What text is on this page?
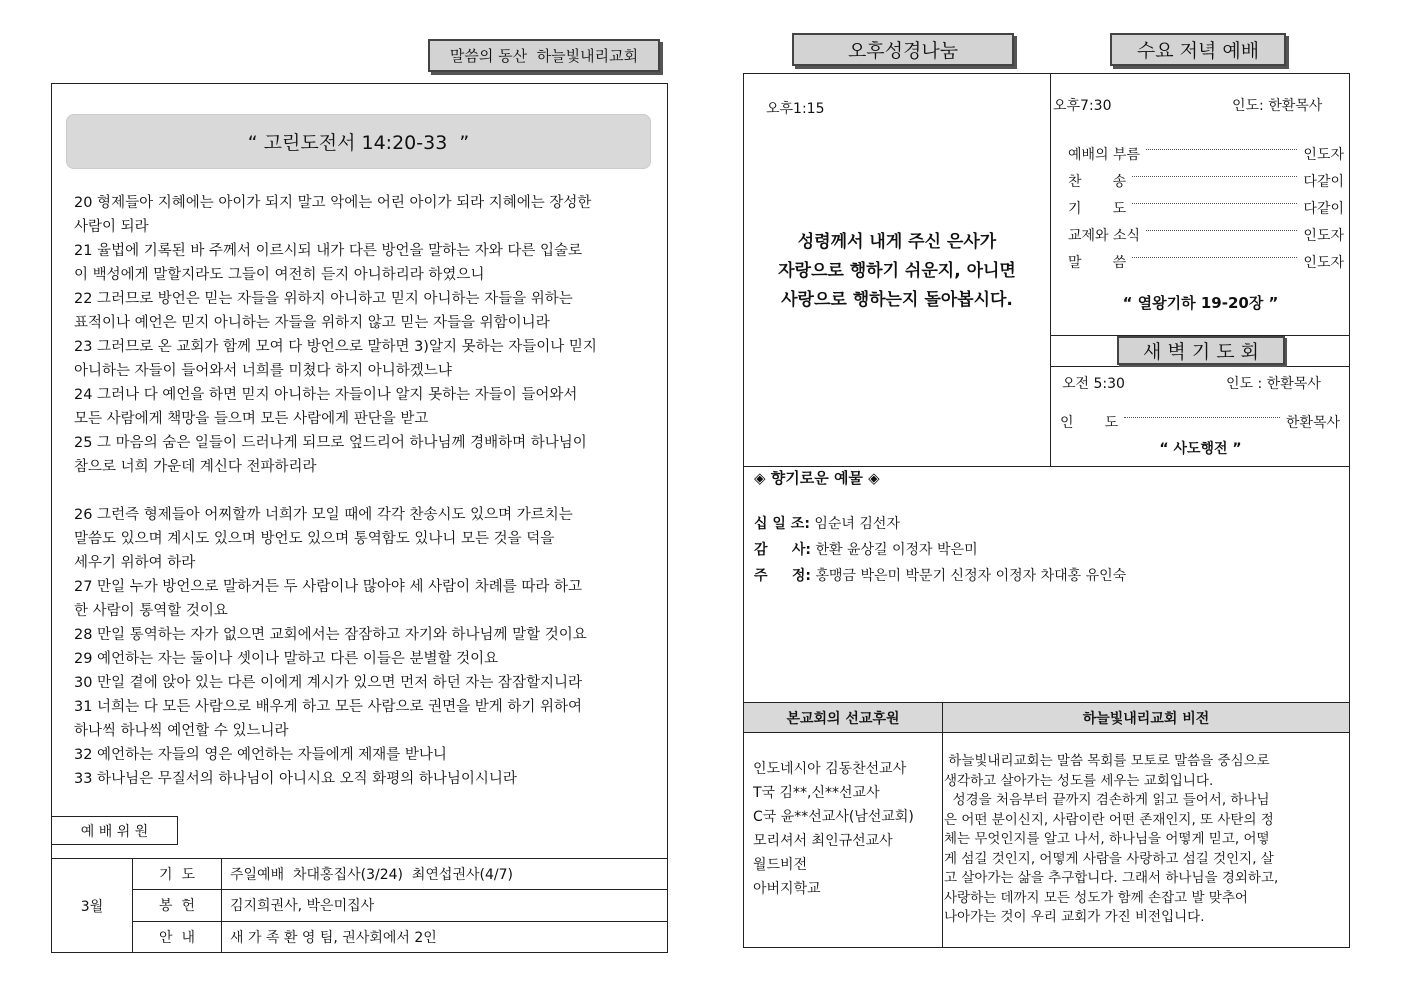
말씀의 동산  하늘빛내리교회
“ 고린도전서 14:20-33  ”
20 형제들아 지혜에는 아이가 되지 말고 악에는 어린 아이가 되라 지혜에는 장성한
사람이 되라
21 율법에 기록된 바 주께서 이르시되 내가 다른 방언을 말하는 자와 다른 입술로
이 백성에게 말할지라도 그들이 여전히 듣지 아니하리라 하였으니
22 그러므로 방언은 믿는 자들을 위하지 아니하고 믿지 아니하는 자들을 위하는
표적이나 예언은 믿지 아니하는 자들을 위하지 않고 믿는 자들을 위함이니라
23 그러므로 온 교회가 함께 모여 다 방언으로 말하면 3)알지 못하는 자들이나 믿지
아니하는 자들이 들어와서 너희를 미쳤다 하지 아니하겠느냐
24 그러나 다 예언을 하면 믿지 아니하는 자들이나 알지 못하는 자들이 들어와서
모든 사람에게 책망을 들으며 모든 사람에게 판단을 받고
25 그 마음의 숨은 일들이 드러나게 되므로 엎드리어 하나님께 경배하며 하나님이
참으로 너희 가운데 계신다 전파하리라
26 그런즉 형제들아 어찌할까 너희가 모일 때에 각각 찬송시도 있으며 가르치는
말씀도 있으며 계시도 있으며 방언도 있으며 통역함도 있나니 모든 것을 덕을
세우기 위하여 하라
27 만일 누가 방언으로 말하거든 두 사람이나 많아야 세 사람이 차례를 따라 하고
한 사람이 통역할 것이요
28 만일 통역하는 자가 없으면 교회에서는 잠잠하고 자기와 하나님께 말할 것이요
29 예언하는 자는 둘이나 셋이나 말하고 다른 이들은 분별할 것이요
30 만일 곁에 앉아 있는 다른 이에게 계시가 있으면 먼저 하던 자는 잠잠할지니라
31 너희는 다 모든 사람으로 배우게 하고 모든 사람으로 권면을 받게 하기 위하여
하나씩 하나씩 예언할 수 있느니라
32 예언하는 자들의 영은 예언하는 자들에게 제재를 받나니
33 하나님은 무질서의 하나님이 아니시요 오직 화평의 하나님이시니라
예 배 위 원
3월	기  도	주일예배  차대홍집사(3/24)  최연섭권사(4/7)
	봉  헌	김지희권사, 박은미집사
	안  내	새 가 족 환 영 팀, 권사회에서 2인
오후성경나눔	수요 저녁 예배
오후1:15
성령께서 내게 주신 은사가
자랑으로 행하기 쉬운지, 아니면
사랑으로 행하는지 돌아봅시다.
오후7:30	인도: 한환목사
예배의 부름	인도자
찬       송	다같이
기       도	다같이
교제와 소식	인도자
말       씀	인도자
“ 열왕기하 19-20장 ”
새 벽 기 도 회
오전 5:30	인도 : 한환목사
인       도	한환목사
“ 사도행전 ”
◈ 향기로운 예물 ◈
십 일 조: 임순녀 김선자
감     사: 한환 윤상길 이정자 박은미
주     정: 홍맹금 박은미 박문기 신정자 이정자 차대홍 유인숙
본교회의 선교후원	하늘빛내리교회 비전
인도네시아 김동찬선교사
T국 김**,신**선교사
C국 윤**선교사(남선교회)
모리셔서 최인규선교사
월드비전
아버지학교
하늘빛내리교회는 말씀 목회를 모토로 말씀을 중심으로
생각하고 살아가는 성도를 세우는 교회입니다.
성경을 처음부터 끝까지 겸손하게 읽고 들어서, 하나님
은 어떤 분이신지, 사람이란 어떤 존재인지, 또 사탄의 정
체는 무엇인지를 알고 나서, 하나님을 어떻게 믿고, 어떻
게 섬길 것인지, 어떻게 사람을 사랑하고 섬길 것인지, 살
고 살아가는 삶을 추구합니다. 그래서 하나님을 경외하고,
사랑하는 데까지 모든 성도가 함께 손잡고 발 맞추어
나아가는 것이 우리 교회가 가진 비전입니다.
